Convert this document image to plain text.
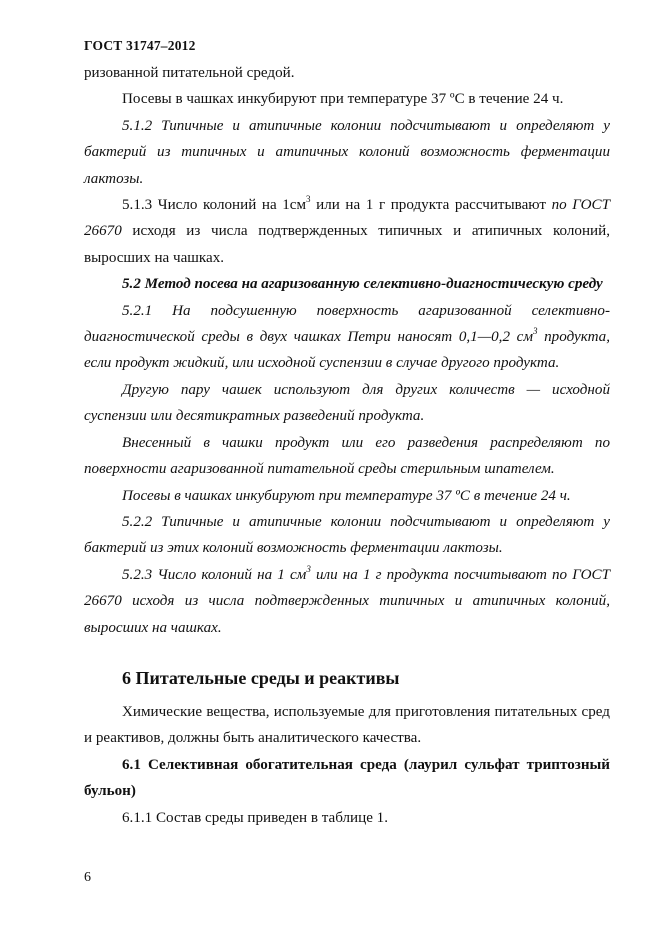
ГОСТ 31747–2012

ризованной питательной средой.

Посевы в чашках инкубируют при температуре 37 ºС в течение 24 ч.

5.1.2 Типичные и атипичные колонии подсчитывают и определяют у бактерий из типичных и атипичных колоний возможность ферментации лактозы.

5.1.3 Число колоний на $1см^3$ или на 1 г продукта рассчитывают по ГОСТ 26670 исходя из числа подтвержденных типичных и атипичных колоний, выросших на чашках.

5.2 Метод посева на агаризованную селективно-диагностическую среду

5.2.1 На подсушенную поверхность агаризованной селективно-диагностической среды в двух чашках Петри наносят 0,1—0,2 $см^3$ продукта, если продукт жидкий, или исходной суспензии в случае другого продукта.

Другую пару чашек используют для других количеств — исходной суспензии или десятикратных разведений продукта.

Внесенный в чашки продукт или его разведения распределяют по поверхности агаризованной питательной среды стерильным шпателем.

Посевы в чашках инкубируют при температуре 37 ºС в течение 24 ч.

5.2.2 Типичные и атипичные колонии подсчитывают и определяют у бактерий из этих колоний возможность ферментации лактозы.

5.2.3 Число колоний на 1 $см^3$ или на 1 г продукта посчитывают по ГОСТ 26670 исходя из числа подтвержденных типичных и атипичных колоний, выросших на чашках.

6 Питательные среды и реактивы

Химические вещества, используемые для приготовления питательных сред и реактивов, должны быть аналитического качества.

6.1 Селективная обогатительная среда (лаурил сульфат триптозный бульон)

6.1.1 Состав среды приведен в таблице 1.

6
